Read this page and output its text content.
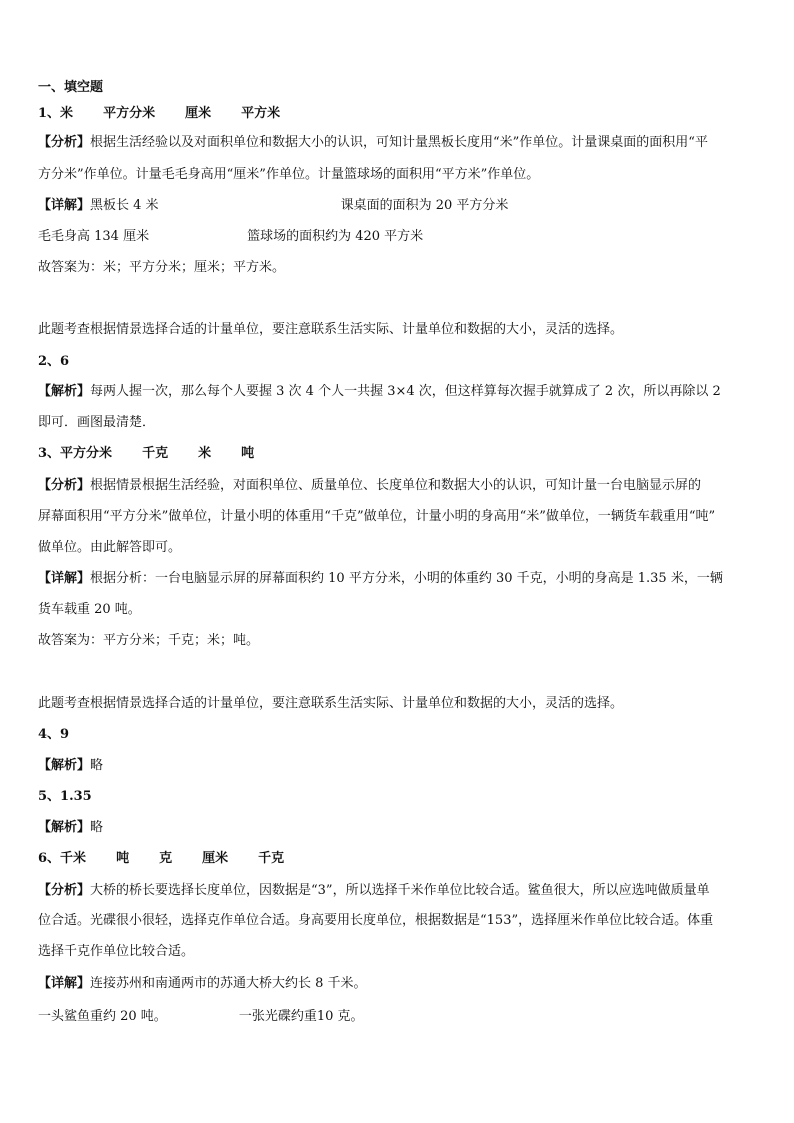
一、填空题
1、米 平方分米 厘米 平方米
【分析】根据生活经验以及对面积单位和数据大小的认识，可知计量黑板长度用“米”作单位。计量课桌面的面积用“平
方分米”作单位。计量毛毛身高用“厘米”作单位。计量篮球场的面积用“平方米”作单位。
【详解】黑板长 4 米	课桌面的面积为 20 平方分米
毛毛身高 134 厘米	篮球场的面积约为 420 平方米
故答案为：米；平方分米；厘米；平方米。
此题考查根据情景选择合适的计量单位，要注意联系生活实际、计量单位和数据的大小，灵活的选择。
2、6
【解析】每两人握一次，那么每个人要握 3 次 4 个人一共握 3×4 次，但这样算每次握手就算成了 2 次，所以再除以 2
即可．画图最清楚．
3、平方分米 千克 米 吨
【分析】根据情景根据生活经验，对面积单位、质量单位、长度单位和数据大小的认识，可知计量一台电脑显示屏的
屏幕面积用“平方分米”做单位，计量小明的体重用“千克”做单位，计量小明的身高用“米”做单位，一辆货车载重用“吨”
做单位。由此解答即可。
【详解】根据分析：一台电脑显示屏的屏幕面积约 10 平方分米，小明的体重约 30 千克，小明的身高是 1.35 米，一辆
货车载重 20 吨。
故答案为：平方分米；千克；米；吨。
此题考查根据情景选择合适的计量单位，要注意联系生活实际、计量单位和数据的大小，灵活的选择。
4、9
【解析】略
5、1.35
【解析】略
6、千米 吨 克 厘米 千克
【分析】大桥的桥长要选择长度单位，因数据是“3”，所以选择千米作单位比较合适。鲨鱼很大，所以应选吨做质量单
位合适。光碟很小很轻，选择克作单位合适。身高要用长度单位，根据数据是“153”，选择厘米作单位比较合适。体重
选择千克作单位比较合适。
【详解】连接苏州和南通两市的苏通大桥大约长 8 千米。
一头鲨鱼重约 20 吨。	一张光碟约重10 克。
